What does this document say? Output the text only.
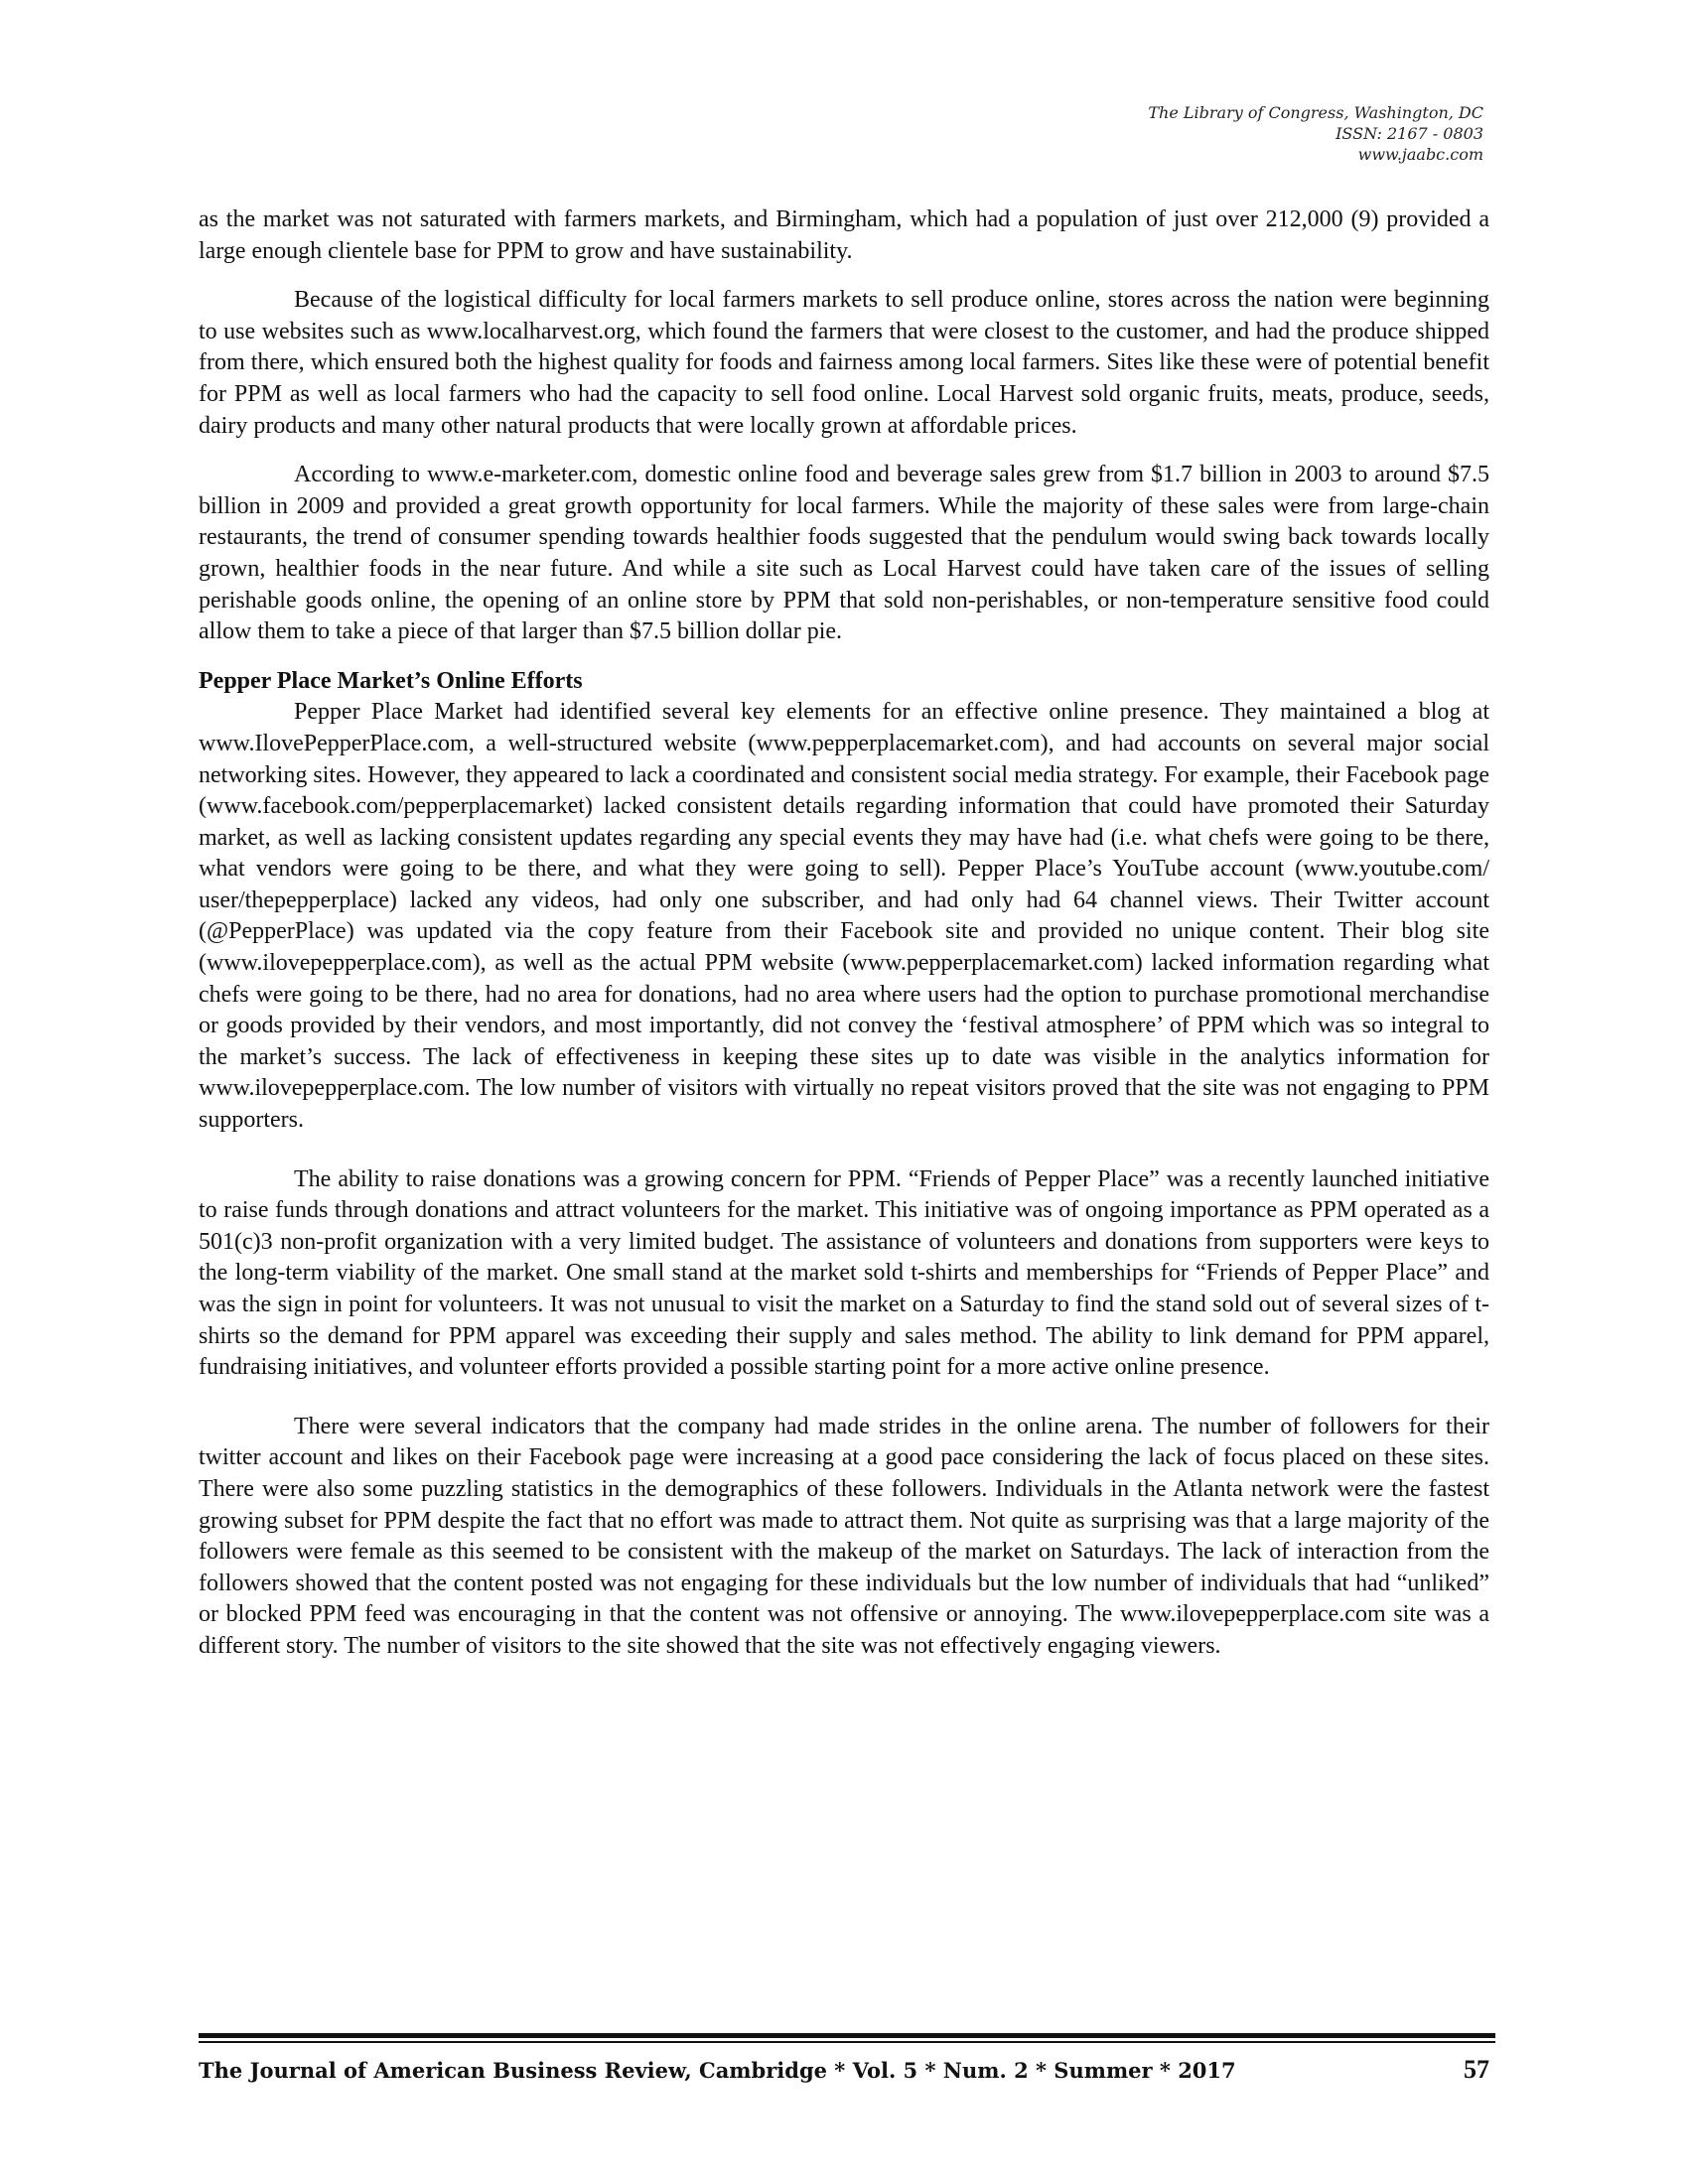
The Library of Congress, Washington, DC
ISSN: 2167 - 0803
www.jaabc.com

as the market was not saturated with farmers markets, and Birmingham, which had a population of just over 212,000 (9) provided a large enough clientele base for PPM to grow and have sustainability.

Because of the logistical difficulty for local farmers markets to sell produce online, stores across the nation were beginning to use websites such as www.localharvest.org, which found the farmers that were closest to the customer, and had the produce shipped from there, which ensured both the highest quality for foods and fairness among local farmers. Sites like these were of potential benefit for PPM as well as local farmers who had the capacity to sell food online. Local Harvest sold organic fruits, meats, produce, seeds, dairy products and many other natural products that were locally grown at affordable prices.

According to www.e-marketer.com, domestic online food and beverage sales grew from $1.7 billion in 2003 to around $7.5 billion in 2009 and provided a great growth opportunity for local farmers. While the majority of these sales were from large-chain restaurants, the trend of consumer spending towards healthier foods suggested that the pendulum would swing back towards locally grown, healthier foods in the near future. And while a site such as Local Harvest could have taken care of the issues of selling perishable goods online, the opening of an online store by PPM that sold non-perishables, or non-temperature sensitive food could allow them to take a piece of that larger than $7.5 billion dollar pie.

Pepper Place Market’s Online Efforts

Pepper Place Market had identified several key elements for an effective online presence. They maintained a blog at www.IlovePepperPlace.com, a well-structured website (www.pepperplacemarket.com), and had accounts on several major social networking sites. However, they appeared to lack a coordinated and consistent social media strategy. For example, their Facebook page (www.facebook.com/pepperplacemarket) lacked consistent details regarding information that could have promoted their Saturday market, as well as lacking consistent updates regarding any special events they may have had (i.e. what chefs were going to be there, what vendors were going to be there, and what they were going to sell). Pepper Place’s YouTube account (www.youtube.com/ user/thepepperplace) lacked any videos, had only one subscriber, and had only had 64 channel views. Their Twitter account (@PepperPlace) was updated via the copy feature from their Facebook site and provided no unique content. Their blog site (www.ilovepepperplace.com), as well as the actual PPM website (www.pepperplacemarket.com) lacked information regarding what chefs were going to be there, had no area for donations, had no area where users had the option to purchase promotional merchandise or goods provided by their vendors, and most importantly, did not convey the ‘festival atmosphere’ of PPM which was so integral to the market’s success. The lack of effectiveness in keeping these sites up to date was visible in the analytics information for www.ilovepepperplace.com. The low number of visitors with virtually no repeat visitors proved that the site was not engaging to PPM supporters.

The ability to raise donations was a growing concern for PPM. “Friends of Pepper Place” was a recently launched initiative to raise funds through donations and attract volunteers for the market. This initiative was of ongoing importance as PPM operated as a 501(c)3 non-profit organization with a very limited budget. The assistance of volunteers and donations from supporters were keys to the long-term viability of the market. One small stand at the market sold t-shirts and memberships for “Friends of Pepper Place” and was the sign in point for volunteers. It was not unusual to visit the market on a Saturday to find the stand sold out of several sizes of t-shirts so the demand for PPM apparel was exceeding their supply and sales method. The ability to link demand for PPM apparel, fundraising initiatives, and volunteer efforts provided a possible starting point for a more active online presence.

There were several indicators that the company had made strides in the online arena. The number of followers for their twitter account and likes on their Facebook page were increasing at a good pace considering the lack of focus placed on these sites. There were also some puzzling statistics in the demographics of these followers. Individuals in the Atlanta network were the fastest growing subset for PPM despite the fact that no effort was made to attract them. Not quite as surprising was that a large majority of the followers were female as this seemed to be consistent with the makeup of the market on Saturdays. The lack of interaction from the followers showed that the content posted was not engaging for these individuals but the low number of individuals that had “unliked” or blocked PPM feed was encouraging in that the content was not offensive or annoying. The www.ilovepepperplace.com site was a different story. The number of visitors to the site showed that the site was not effectively engaging viewers.

The Journal of American Business Review, Cambridge * Vol. 5 * Num. 2 * Summer * 2017	57
